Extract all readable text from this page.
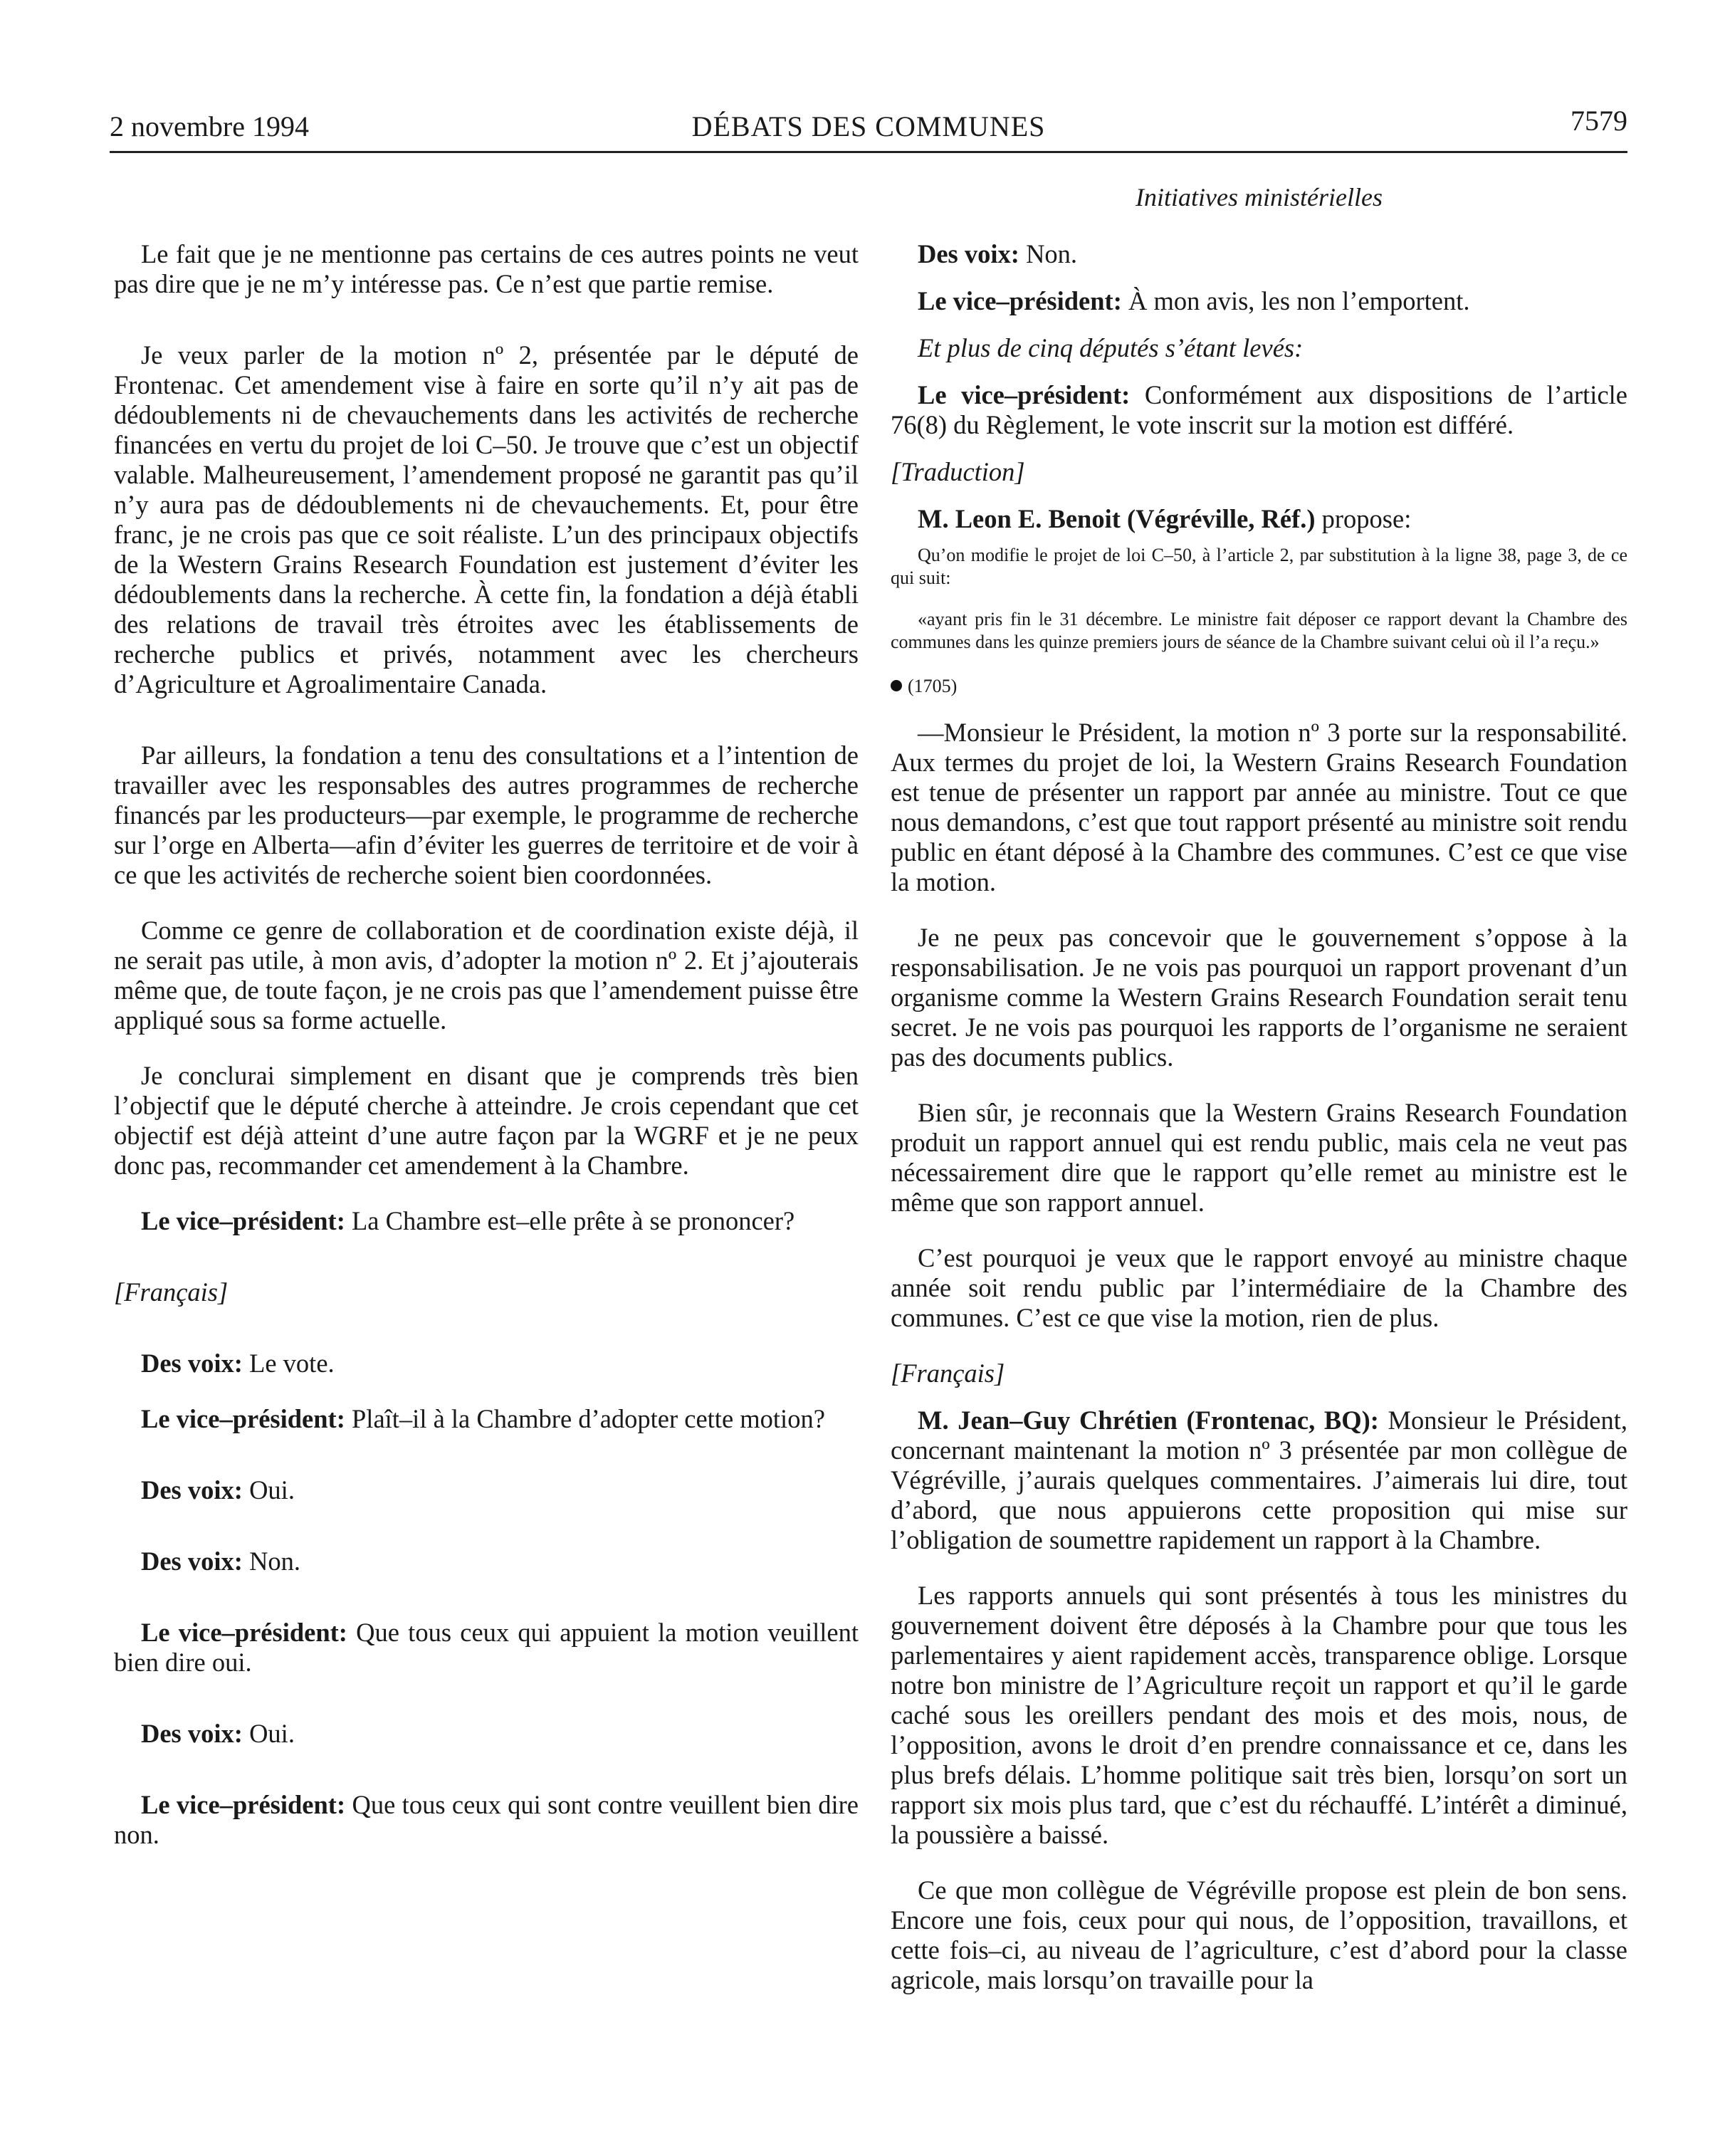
2 novembre 1994	DÉBATS DES COMMUNES	7579
Initiatives ministérielles

Le fait que je ne mentionne pas certains de ces autres points ne veut pas dire que je ne m’y intéresse pas. Ce n’est que partie remise.

Je veux parler de la motion nº 2, présentée par le député de Frontenac. Cet amendement vise à faire en sorte qu’il n’y ait pas de dédoublements ni de chevauchements dans les activités de recherche financées en vertu du projet de loi C–50. Je trouve que c’est un objectif valable. Malheureusement, l’amendement proposé ne garantit pas qu’il n’y aura pas de dédoublements ni de chevauchements. Et, pour être franc, je ne crois pas que ce soit réaliste. L’un des principaux objectifs de la Western Grains Research Foundation est justement d’éviter les dédoublements dans la recherche. À cette fin, la fondation a déjà établi des relations de travail très étroites avec les établissements de recherche publics et privés, notamment avec les chercheurs d’Agriculture et Agroalimentaire Canada.

Par ailleurs, la fondation a tenu des consultations et a l’intention de travailler avec les responsables des autres programmes de recherche financés par les producteurs—par exemple, le programme de recherche sur l’orge en Alberta—afin d’éviter les guerres de territoire et de voir à ce que les activités de recherche soient bien coordonnées.

Comme ce genre de collaboration et de coordination existe déjà, il ne serait pas utile, à mon avis, d’adopter la motion nº 2. Et j’ajouterais même que, de toute façon, je ne crois pas que l’amendement puisse être appliqué sous sa forme actuelle.

Je conclurai simplement en disant que je comprends très bien l’objectif que le député cherche à atteindre. Je crois cependant que cet objectif est déjà atteint d’une autre façon par la WGRF et je ne peux donc pas, recommander cet amendement à la Chambre.

Le vice–président: La Chambre est–elle prête à se prononcer?

[Français]

Des voix: Le vote.

Le vice–président: Plaît–il à la Chambre d’adopter cette motion?

Des voix: Oui.

Des voix: Non.

Le vice–président: Que tous ceux qui appuient la motion veuillent bien dire oui.

Des voix: Oui.

Le vice–président: Que tous ceux qui sont contre veuillent bien dire non.

Des voix: Non.

Le vice–président: À mon avis, les non l’emportent.

Et plus de cinq députés s’étant levés:

Le vice–président: Conformément aux dispositions de l’article 76(8) du Règlement, le vote inscrit sur la motion est différé.

[Traduction]

M. Leon E. Benoit (Végréville, Réf.) propose:

Qu’on modifie le projet de loi C–50, à l’article 2, par substitution à la ligne 38, page 3, de ce qui suit:

«ayant pris fin le 31 décembre. Le ministre fait déposer ce rapport devant la Chambre des communes dans les quinze premiers jours de séance de la Chambre suivant celui où il l’a reçu.»

(1705)

—Monsieur le Président, la motion nº 3 porte sur la responsabilité. Aux termes du projet de loi, la Western Grains Research Foundation est tenue de présenter un rapport par année au ministre. Tout ce que nous demandons, c’est que tout rapport présenté au ministre soit rendu public en étant déposé à la Chambre des communes. C’est ce que vise la motion.

Je ne peux pas concevoir que le gouvernement s’oppose à la responsabilisation. Je ne vois pas pourquoi un rapport provenant d’un organisme comme la Western Grains Research Foundation serait tenu secret. Je ne vois pas pourquoi les rapports de l’organisme ne seraient pas des documents publics.

Bien sûr, je reconnais que la Western Grains Research Foundation produit un rapport annuel qui est rendu public, mais cela ne veut pas nécessairement dire que le rapport qu’elle remet au ministre est le même que son rapport annuel.

C’est pourquoi je veux que le rapport envoyé au ministre chaque année soit rendu public par l’intermédiaire de la Chambre des communes. C’est ce que vise la motion, rien de plus.

[Français]

M. Jean–Guy Chrétien (Frontenac, BQ): Monsieur le Président, concernant maintenant la motion nº 3 présentée par mon collègue de Végréville, j’aurais quelques commentaires. J’aimerais lui dire, tout d’abord, que nous appuierons cette proposition qui mise sur l’obligation de soumettre rapidement un rapport à la Chambre.

Les rapports annuels qui sont présentés à tous les ministres du gouvernement doivent être déposés à la Chambre pour que tous les parlementaires y aient rapidement accès, transparence oblige. Lorsque notre bon ministre de l’Agriculture reçoit un rapport et qu’il le garde caché sous les oreillers pendant des mois et des mois, nous, de l’opposition, avons le droit d’en prendre connaissance et ce, dans les plus brefs délais. L’homme politique sait très bien, lorsqu’on sort un rapport six mois plus tard, que c’est du réchauffé. L’intérêt a diminué, la poussière a baissé.

Ce que mon collègue de Végréville propose est plein de bon sens. Encore une fois, ceux pour qui nous, de l’opposition, travaillons, et cette fois–ci, au niveau de l’agriculture, c’est d’abord pour la classe agricole, mais lorsqu’on travaille pour la
